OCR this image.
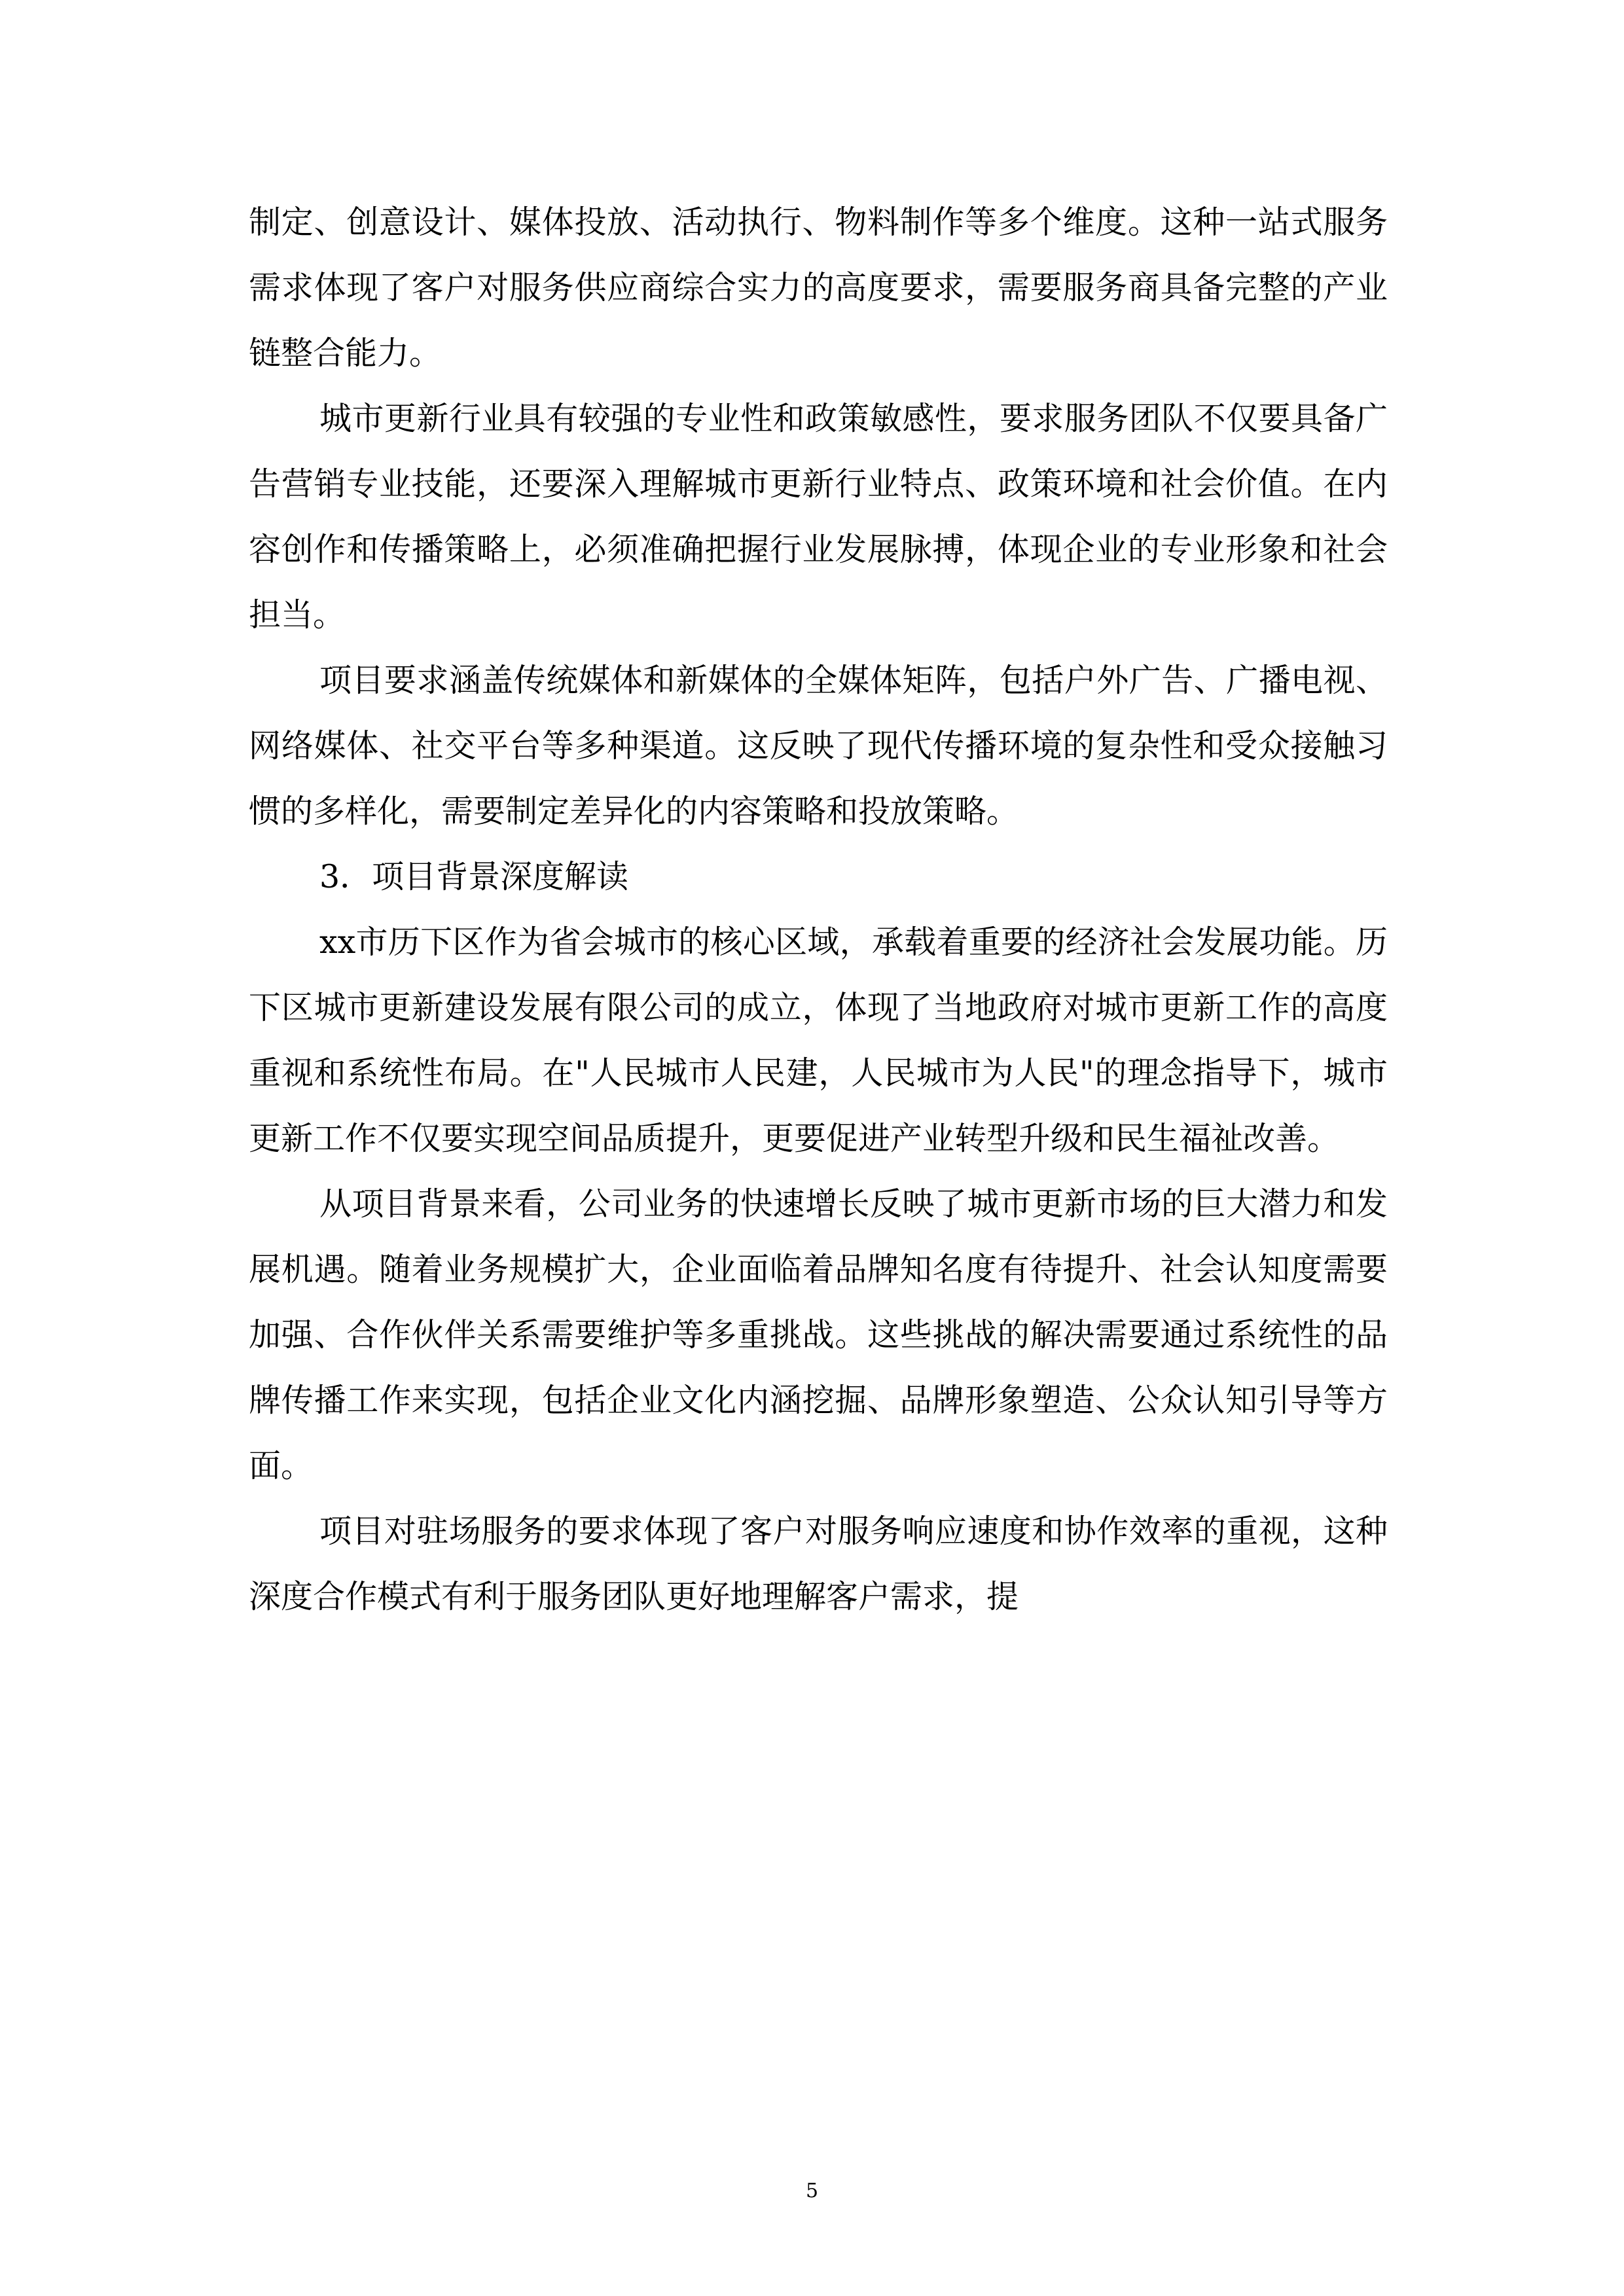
制定、创意设计、媒体投放、活动执行、物料制作等多个维度。这种一站式服务需求体现了客户对服务供应商综合实力的高度要求，需要服务商具备完整的产业链整合能力。

城市更新行业具有较强的专业性和政策敏感性，要求服务团队不仅要具备广告营销专业技能，还要深入理解城市更新行业特点、政策环境和社会价值。在内容创作和传播策略上，必须准确把握行业发展脉搏，体现企业的专业形象和社会担当。

项目要求涵盖传统媒体和新媒体的全媒体矩阵，包括户外广告、广播电视、网络媒体、社交平台等多种渠道。这反映了现代传播环境的复杂性和受众接触习惯的多样化，需要制定差异化的内容策略和投放策略。

3．项目背景深度解读

xx市历下区作为省会城市的核心区域，承载着重要的经济社会发展功能。历下区城市更新建设发展有限公司的成立，体现了当地政府对城市更新工作的高度重视和系统性布局。在"人民城市人民建，人民城市为人民"的理念指导下，城市更新工作不仅要实现空间品质提升，更要促进产业转型升级和民生福祉改善。

从项目背景来看，公司业务的快速增长反映了城市更新市场的巨大潜力和发展机遇。随着业务规模扩大，企业面临着品牌知名度有待提升、社会认知度需要加强、合作伙伴关系需要维护等多重挑战。这些挑战的解决需要通过系统性的品牌传播工作来实现，包括企业文化内涵挖掘、品牌形象塑造、公众认知引导等方面。

项目对驻场服务的要求体现了客户对服务响应速度和协作效率的重视，这种深度合作模式有利于服务团队更好地理解客户需求，提

5
